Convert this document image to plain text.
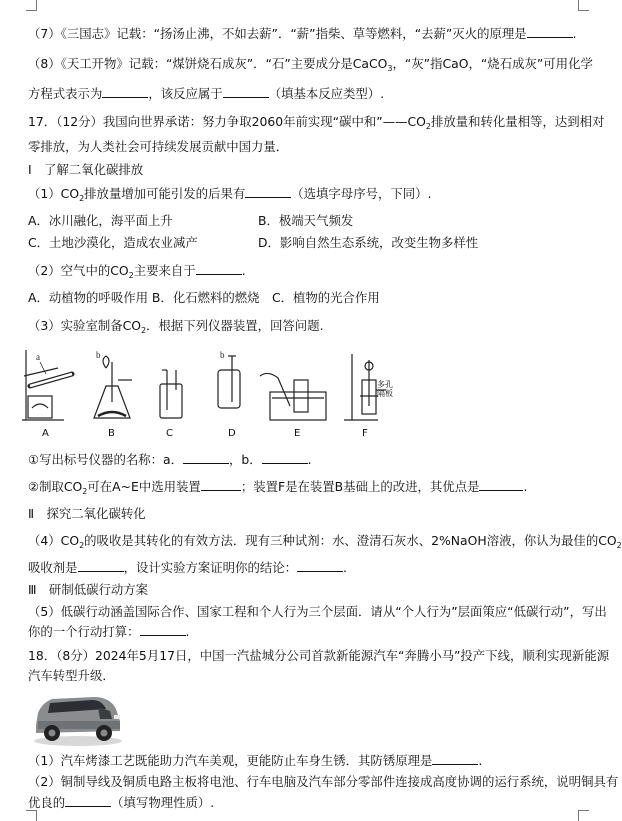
（7）《三国志》记载：“扬汤止沸，不如去薪”．“薪”指柴、草等燃料，“去薪”灭火的原理是	.
（8）《天工开物》记载：“煤饼烧石成灰”．“石”主要成分是CaCO$_3$，“灰”指CaO，“烧石成灰”可用化学
方程式表示为	，该反应属于	（填基本反应类型）.
17．（12分）我国向世界承诺：努力争取2060年前实现“碳中和$”——CO_2$排放量和转化量相等，达到相对
零排放，为人类社会可持续发展贡献中国力量．
Ⅰ　了解二氧化碳排放
$(1)CO_2$排放量增加可能引发的后果有	（选填字母序号，下同）.
A．冰川融化，海平面上升	B．极端天气频发
C．土地沙漠化，造成农业减产	D．影响自然生态系统，改变生物多样性
（2）空气中的$CO_2$主要来自于	.
A．动植物的呼吸作用 B．化石燃料的燃烧　C．植物的光合作用
（3）实验室制备$CO_2$．根据下列仪器装置，回答问题.
a	b	b
多孔
隔板
A	B	C	D	E	F
①写出标号仪器的名称：a．	，b．	.
②制取$CO_2$可在A~E中选用装置	；装置F是在装置B基础上的改进，其优点是	.
Ⅱ　探究二氧化碳转化
$(4)CO_2$的吸收是其转化的有效方法．现有三种试剂：水、澄清石灰水、2%NaOH溶液，你认为最佳的$CO_2$
吸收剂是	，设计实验方案证明你的结论：	.
Ⅲ　研制低碳行动方案
（5）低碳行动涵盖国际合作、国家工程和个人行为三个层面．请从“个人行为”层面策应“低碳行动”，写出
你的一个行动打算：	.
18．（8分）2024年5月17日，中国一汽盐城分公司首款新能源汽车“奔腾小马”投产下线，顺利实现新能源
汽车转型升级．
（1）汽车烤漆工艺既能助力汽车美观，更能防止车身生锈．其防锈原理是	.
（2）铜制导线及铜质电路主板将电池、行车电脑及汽车部分零部件连接成高度协调的运行系统，说明铜具有
优良的	（填写物理性质）.
